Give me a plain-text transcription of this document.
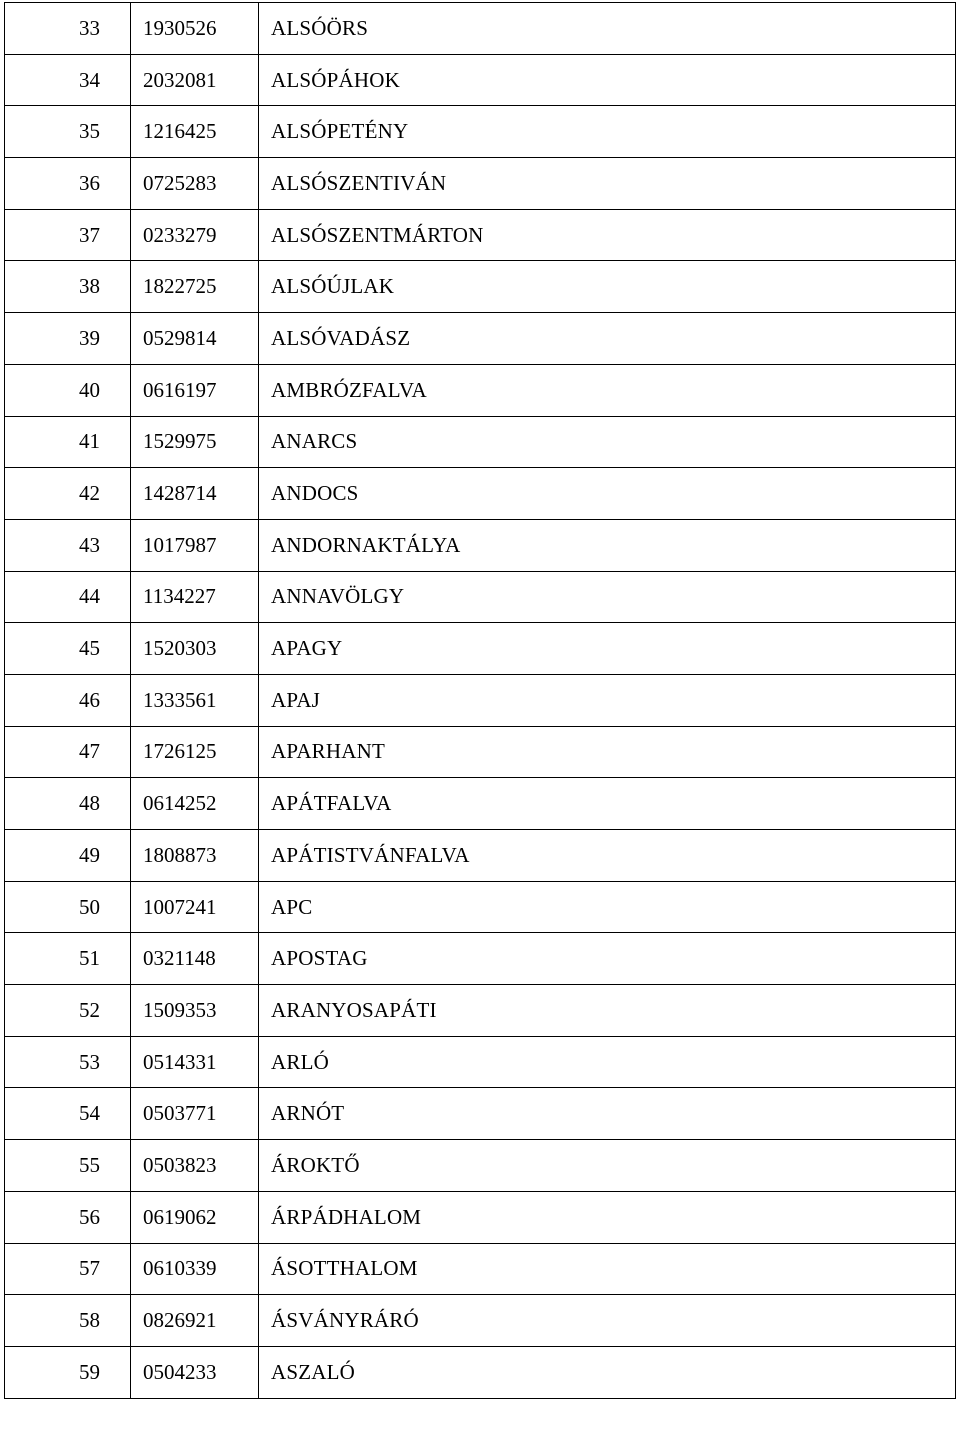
33	1930526	ALSÓÖRS
34	2032081	ALSÓPÁHOK
35	1216425	ALSÓPETÉNY
36	0725283	ALSÓSZENTIVÁN
37	0233279	ALSÓSZENTMÁRTON
38	1822725	ALSÓÚJLAK
39	0529814	ALSÓVADÁSZ
40	0616197	AMBRÓZFALVA
41	1529975	ANARCS
42	1428714	ANDOCS
43	1017987	ANDORNAKTÁLYA
44	1134227	ANNAVÖLGY
45	1520303	APAGY
46	1333561	APAJ
47	1726125	APARHANT
48	0614252	APÁTFALVA
49	1808873	APÁTISTVÁNFALVA
50	1007241	APC
51	0321148	APOSTAG
52	1509353	ARANYOSAPÁTI
53	0514331	ARLÓ
54	0503771	ARNÓT
55	0503823	ÁROKTŐ
56	0619062	ÁRPÁDHALOM
57	0610339	ÁSOTTHALOM
58	0826921	ÁSVÁNYRÁRÓ
59	0504233	ASZALÓ
